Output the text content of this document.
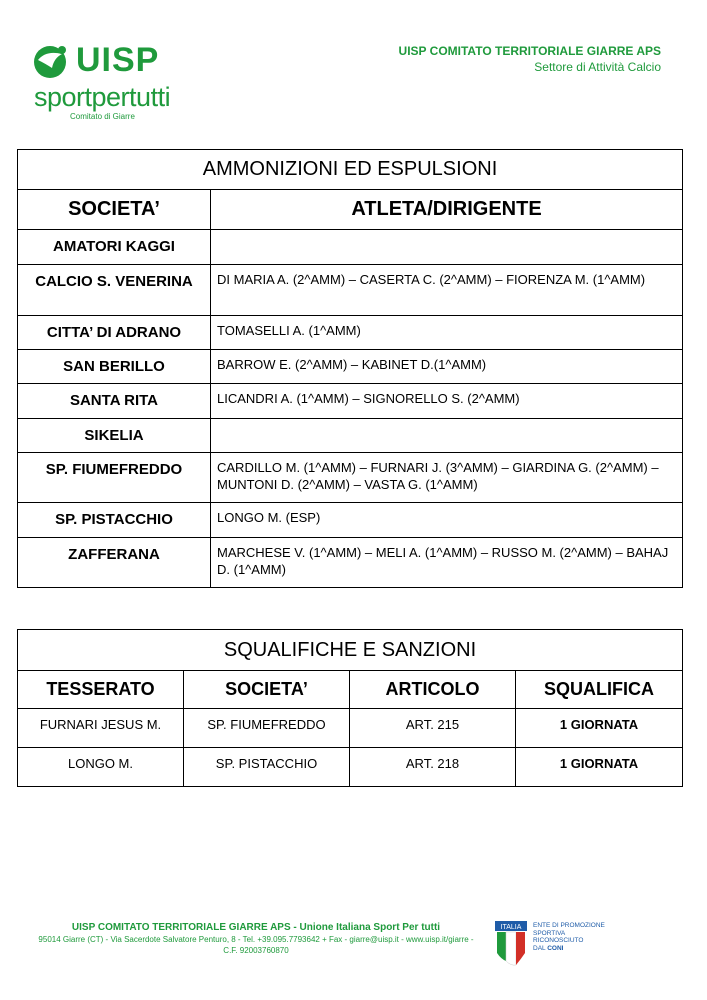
UISP
sportpertutti
Comitato di Giarre
UISP COMITATO TERRITORIALE GIARRE APS
Settore di Attività Calcio
AMMONIZIONI ED ESPULSIONI	
SOCIETA’	ATLETA/DIRIGENTE
AMATORI KAGGI	
CALCIO S. VENERINA	DI MARIA A. (2^AMM) – CASERTA C. (2^AMM) – FIORENZA M. (1^AMM)
CITTA’ DI ADRANO	TOMASELLI A. (1^AMM)
SAN BERILLO	BARROW E. (2^AMM) – KABINET D.(1^AMM)
SANTA RITA	LICANDRI A. (1^AMM) – SIGNORELLO S. (2^AMM)
SIKELIA	
SP. FIUMEFREDDO	CARDILLO M. (1^AMM) – FURNARI J. (3^AMM) – GIARDINA G. (2^AMM) – MUNTONI D. (2^AMM) – VASTA G. (1^AMM)
SP. PISTACCHIO	LONGO M. (ESP)
ZAFFERANA	MARCHESE V. (1^AMM) – MELI A. (1^AMM) – RUSSO M. (2^AMM) – BAHAJ D. (1^AMM)
SQUALIFICHE E SANZIONI			
TESSERATO	SOCIETA’	ARTICOLO	SQUALIFICA
FURNARI JESUS M.	SP. FIUMEFREDDO	ART. 215	1 GIORNATA
LONGO M.	SP. PISTACCHIO	ART. 218	1 GIORNATA
UISP COMITATO TERRITORIALE GIARRE APS - Unione Italiana Sport Per tutti
95014 Giarre (CT) - Via Sacerdote Salvatore Penturo, 8 - Tel. +39.095.7793642 + Fax - giarre@uisp.it - www.uisp.it/giarre -
C.F. 92003760870
ITALIA ENTE DI PROMOZIONE
SPORTIVA
RICONOSCIUTO
DAL CONI
